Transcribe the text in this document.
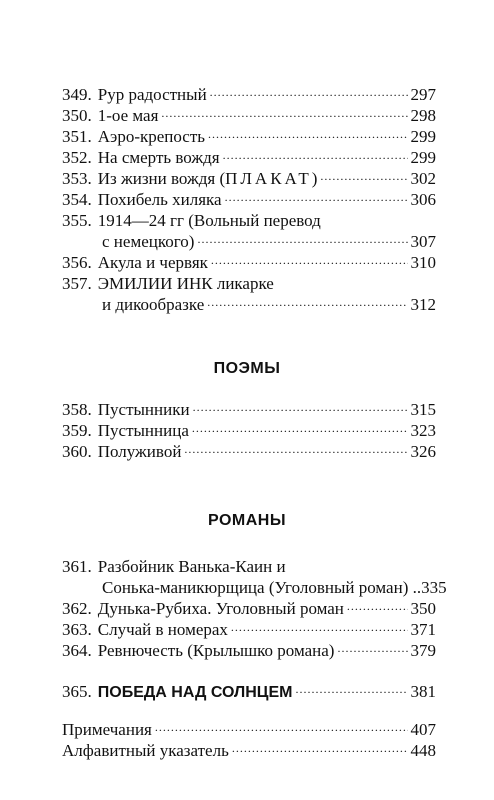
349. Рур радостный .....	297
350. 1-ое мая .....	298
351. Аэро-крепость .....	299
352. На смерть вождя .....	299
353. Из жизни вождя (ПЛАКАТ) .....	302
354. Похибель хиляка .....	306
355. 1914—24 гг (Вольный перевод
с немецкого) .....	307
356. Акула и червяк .....	310
357. ЭМИЛИИ ИНК ликарке
и дикообразке .....	312
ПОЭМЫ
358. Пустынники .....	315
359. Пустынница .....	323
360. Полуживой .....	326
РОМАНЫ
361. Разбойник Ванька-Каин и
Сонька-маникюрщица (Уголовный роман) .. 335
362. Дунька-Рубиха. Уголовный роман .....	350
363. Случай в номерах .....	371
364. Ревнючесть (Крылышко романа) .....	379
365. ПОБЕДА НАД СОЛНЦЕМ .....	381
Примечания .....	407
Алфавитный указатель .....	448
